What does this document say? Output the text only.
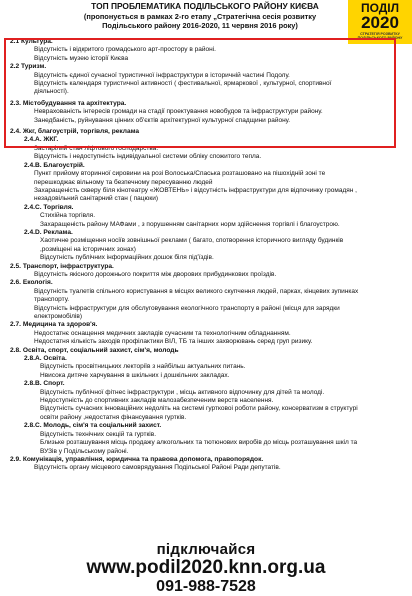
ТОП ПРОБЛЕМАТИКА ПОДІЛЬСЬКОГО РАЙОНУ КИЄВА
(пропонується в рамках 2-го етапу „Стратегічна сесія розвитку
Подільського району 2016-2020, 11 червня 2016 року)
ПОДІЛ
2020
СТРАТЕГІЯ РОЗВИТКУ ПОДІЛЬСЬКОГО РАЙОНУ
2.1 Культура.
Відсутність і відкритого громадського арт-простору в районі.
Відсутність музею історії Києва
2.2 Туризм.
Відсутність єдиної сучасної туристичної інфраструктури в історичній частині Подолу.
Відсутність календаря туристичної активності ( фестивальної, ярмаркової , культурної, спортивної
діяльності).
2.3. Містобудування та архітектура.
Неврахованість інтересів громади на стадії проектування новобудов та інфраструктури району.
Занедбаність, руйнування цінних об'єктів архітектурної культурної спадщини району.
2.4. Жкг, благоустрій, торгівля, реклама
2.4.А. ЖКГ.
Застарілий стан ліфтового господарства.
Відсутність і недоступність індивідуальної системи обліку спожитого тепла.
2.4.В. Благоустрій.
Пункт прийому вторинної сировини на розі Волоська/Спаська розташовано на пішохідній зоні те
перешкоджає вільному та безпечному пересуванню людей
Захаращеність скверу біля кінотеатру «ЖОВТЕНЬ» і відсутність інфраструктури для відпочинку громадян ,
незадовільний санітарний стан ( пацюки)
2.4.С. Торгівля.
Стихійна торгівля.
Захаращеність району МАФами , з порушенням санітарних норм здійснення торгівлі і благоустрою.
2.4.D. Реклама.
Хаотичне розміщення носіїв зовнішньої реклами ( багато, спотворення історичного вигляду будинків
,розміщені на історичних зонах)
Відсутність публічних інформаційних дошок біля під'їздів.
2.5. Транспорт, інфраструктура.
Відсутність якісного дорожнього покриття між дворових прибудинкових проїздів.
2.6. Екологія.
Відсутність туалетів спільного користування в місцях великого скупчення людей, парках, кінцевих зупинках
транспорту.
Відсутність інфраструктури для обслуговування екологічного транспорту в районі (місця для зарядки
електромобілів)
2.7. Медицина та здоров'я.
Недостатнє оснащення медичних закладів сучасним та технологічним обладнанням.
Недостатня кількість заходів профілактики ВІЛ, ТБ та інших захворювань серед груп ризику.
2.8. Освіта, спорт, соціальний захист, сім'я, молодь
2.8.А. Освіта.
Відсутність просвітницьких лекторіїв з найбільш актуальних питань.
Нвисока дитяче харчування в шкільних і дошкільних закладах.
2.8.В. Спорт.
Відсутність публічної фітнес інфраструктури , місць активного відпочинку для дітей та молоді.
Недоступність до спортивних закладів малозабезпеченим верств населення.
Відсутність сучасних інноваційних недоліть на системі гуртковоі роботи району, консерватизм в структурі
освіти району ,недостатня фінансування гуртків.
2.8.С. Молодь, сім'я та соціальний захист.
Відсутність технічних секцій та гуртків.
Близьке розташування місць продажу алкогольних та тютюнових виробів до місць розташування шкіл та
ВУЗів у Подільському районі.
2.9. Комунікація, управління, юридична та правова допомога, правопорядок.
Відсутність органу місцевого самоврядування Подільської Районі Ради депутатів.
підключайся
www.podil2020.knn.org.ua
091-988-7528
